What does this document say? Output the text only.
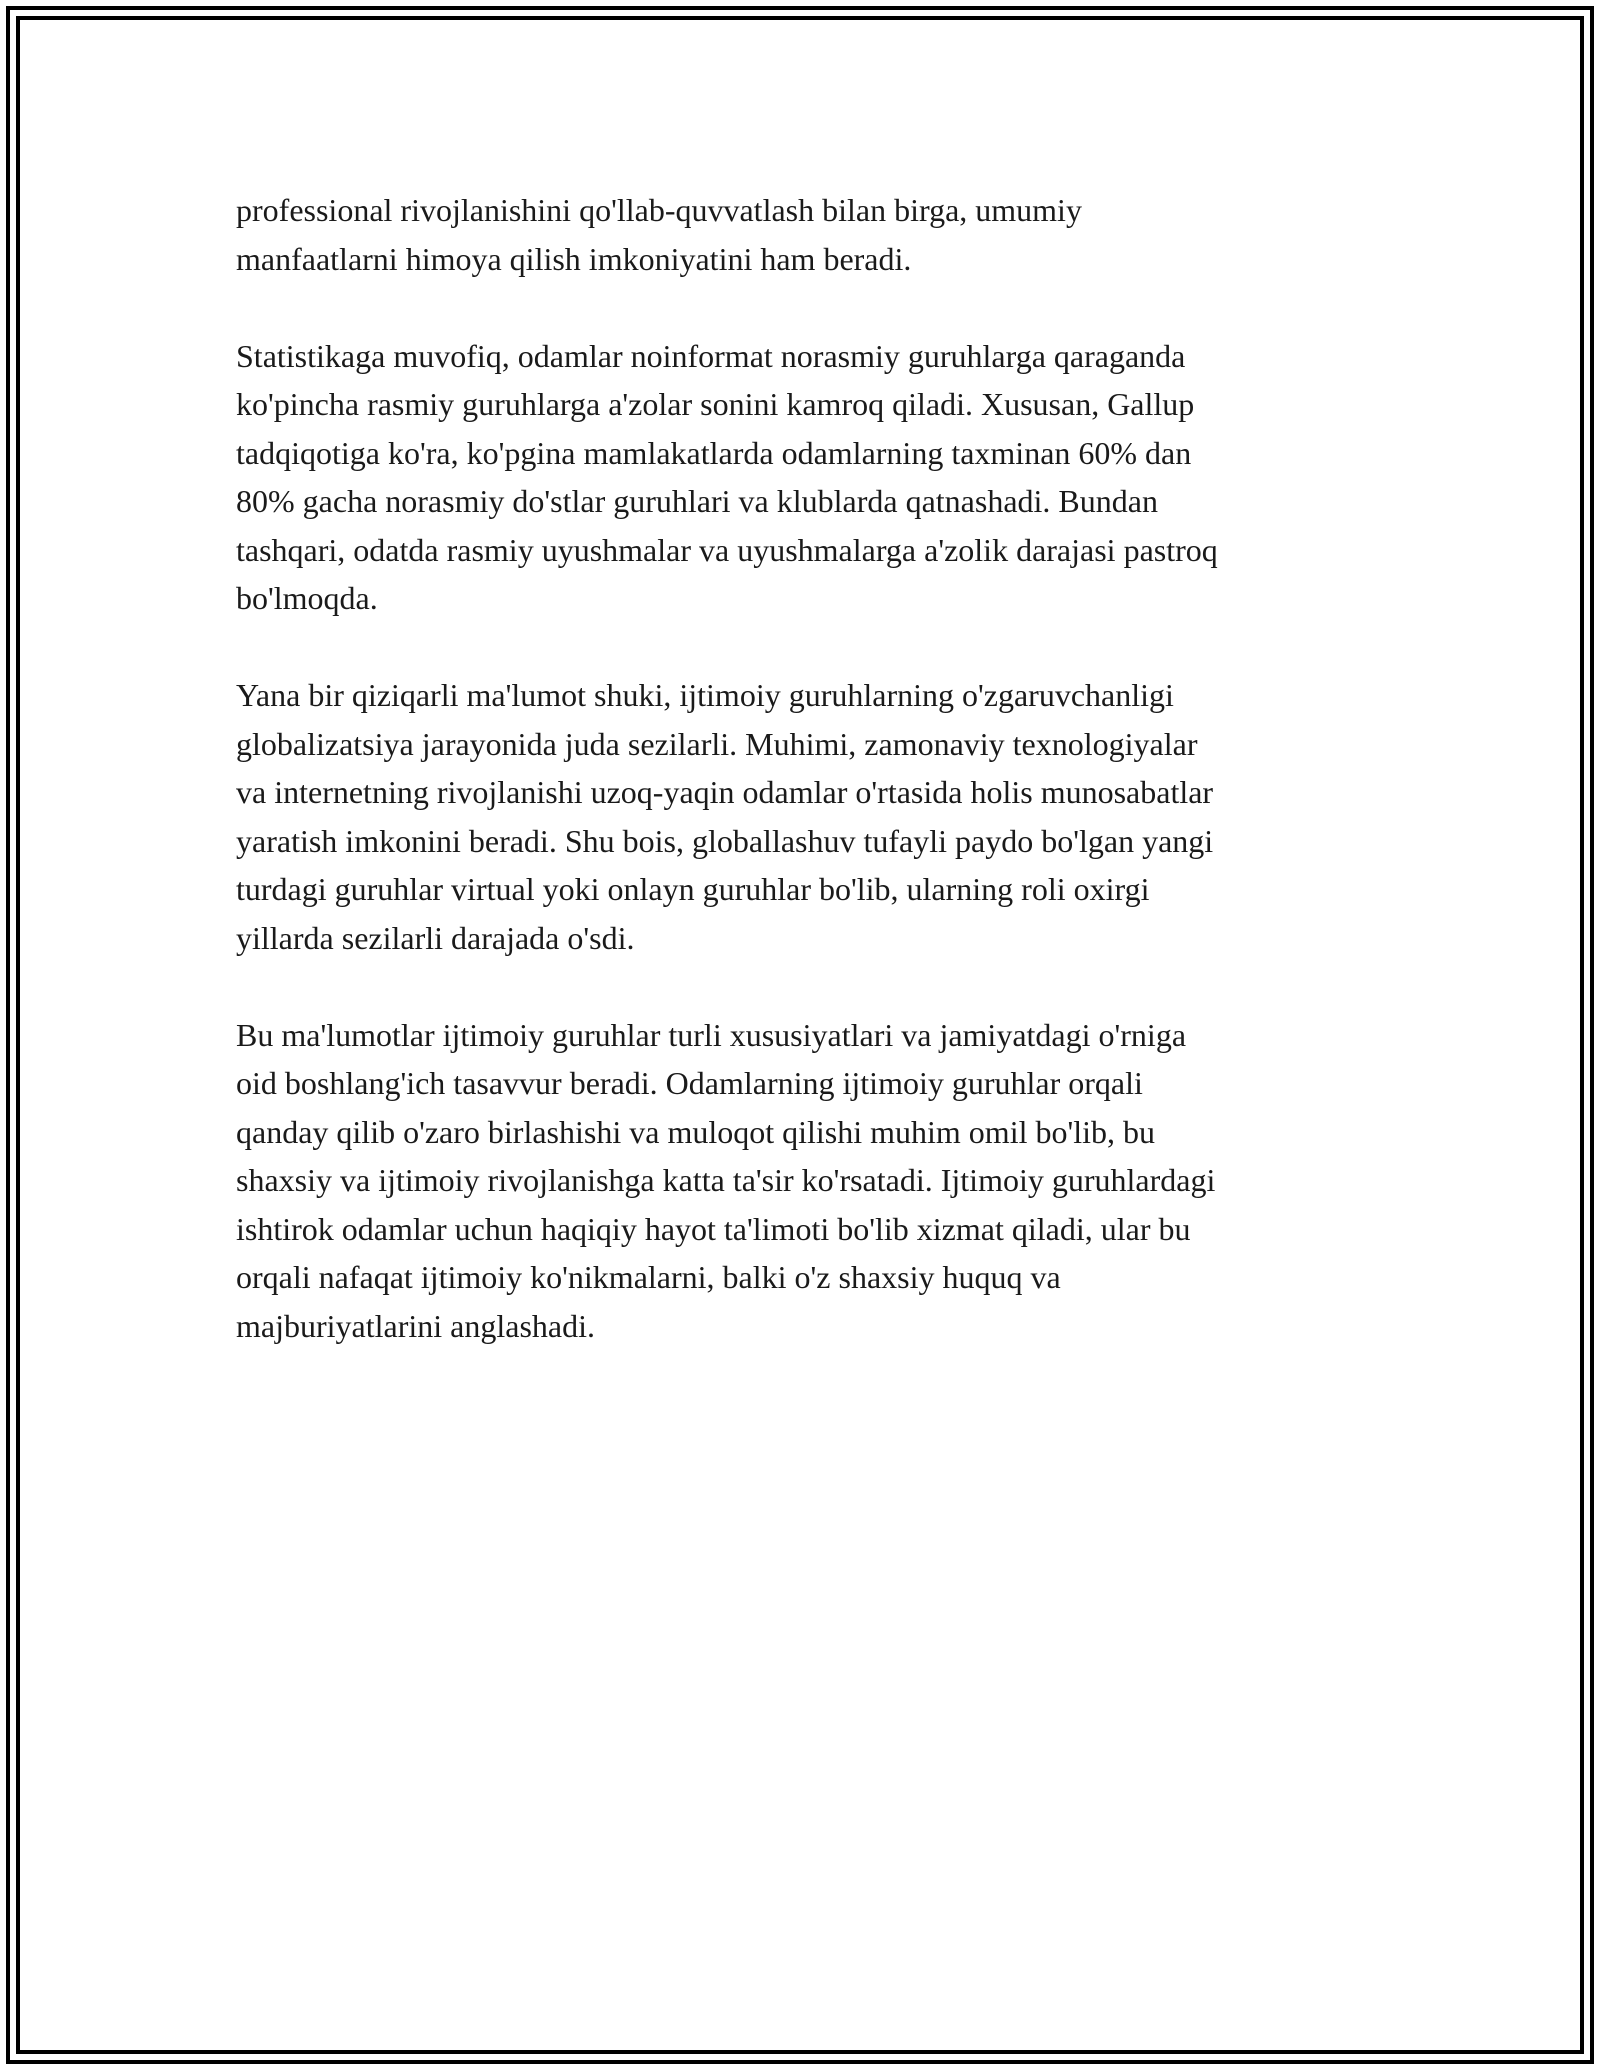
professional rivojlanishini qo'llab-quvvatlash bilan birga, umumiy
manfaatlarni himoya qilish imkoniyatini ham beradi.

Statistikaga muvofiq, odamlar noinformat norasmiy guruhlarga qaraganda
ko'pincha rasmiy guruhlarga a'zolar sonini kamroq qiladi. Xususan, Gallup
tadqiqotiga ko'ra, ko'pgina mamlakatlarda odamlarning taxminan 60% dan
80% gacha norasmiy do'stlar guruhlari va klublarda qatnashadi. Bundan
tashqari, odatda rasmiy uyushmalar va uyushmalarga a'zolik darajasi pastroq
bo'lmoqda.

Yana bir qiziqarli ma'lumot shuki, ijtimoiy guruhlarning o'zgaruvchanligi
globalizatsiya jarayonida juda sezilarli. Muhimi, zamonaviy texnologiyalar
va internetning rivojlanishi uzoq-yaqin odamlar o'rtasida holis munosabatlar
yaratish imkonini beradi. Shu bois, globallashuv tufayli paydo bo'lgan yangi
turdagi guruhlar virtual yoki onlayn guruhlar bo'lib, ularning roli oxirgi
yillarda sezilarli darajada o'sdi.

Bu ma'lumotlar ijtimoiy guruhlar turli xususiyatlari va jamiyatdagi o'rniga
oid boshlang'ich tasavvur beradi. Odamlarning ijtimoiy guruhlar orqali
qanday qilib o'zaro birlashishi va muloqot qilishi muhim omil bo'lib, bu
shaxsiy va ijtimoiy rivojlanishga katta ta'sir ko'rsatadi. Ijtimoiy guruhlardagi
ishtirok odamlar uchun haqiqiy hayot ta'limoti bo'lib xizmat qiladi, ular bu
orqali nafaqat ijtimoiy ko'nikmalarni, balki o'z shaxsiy huquq va
majburiyatlarini anglashadi.
